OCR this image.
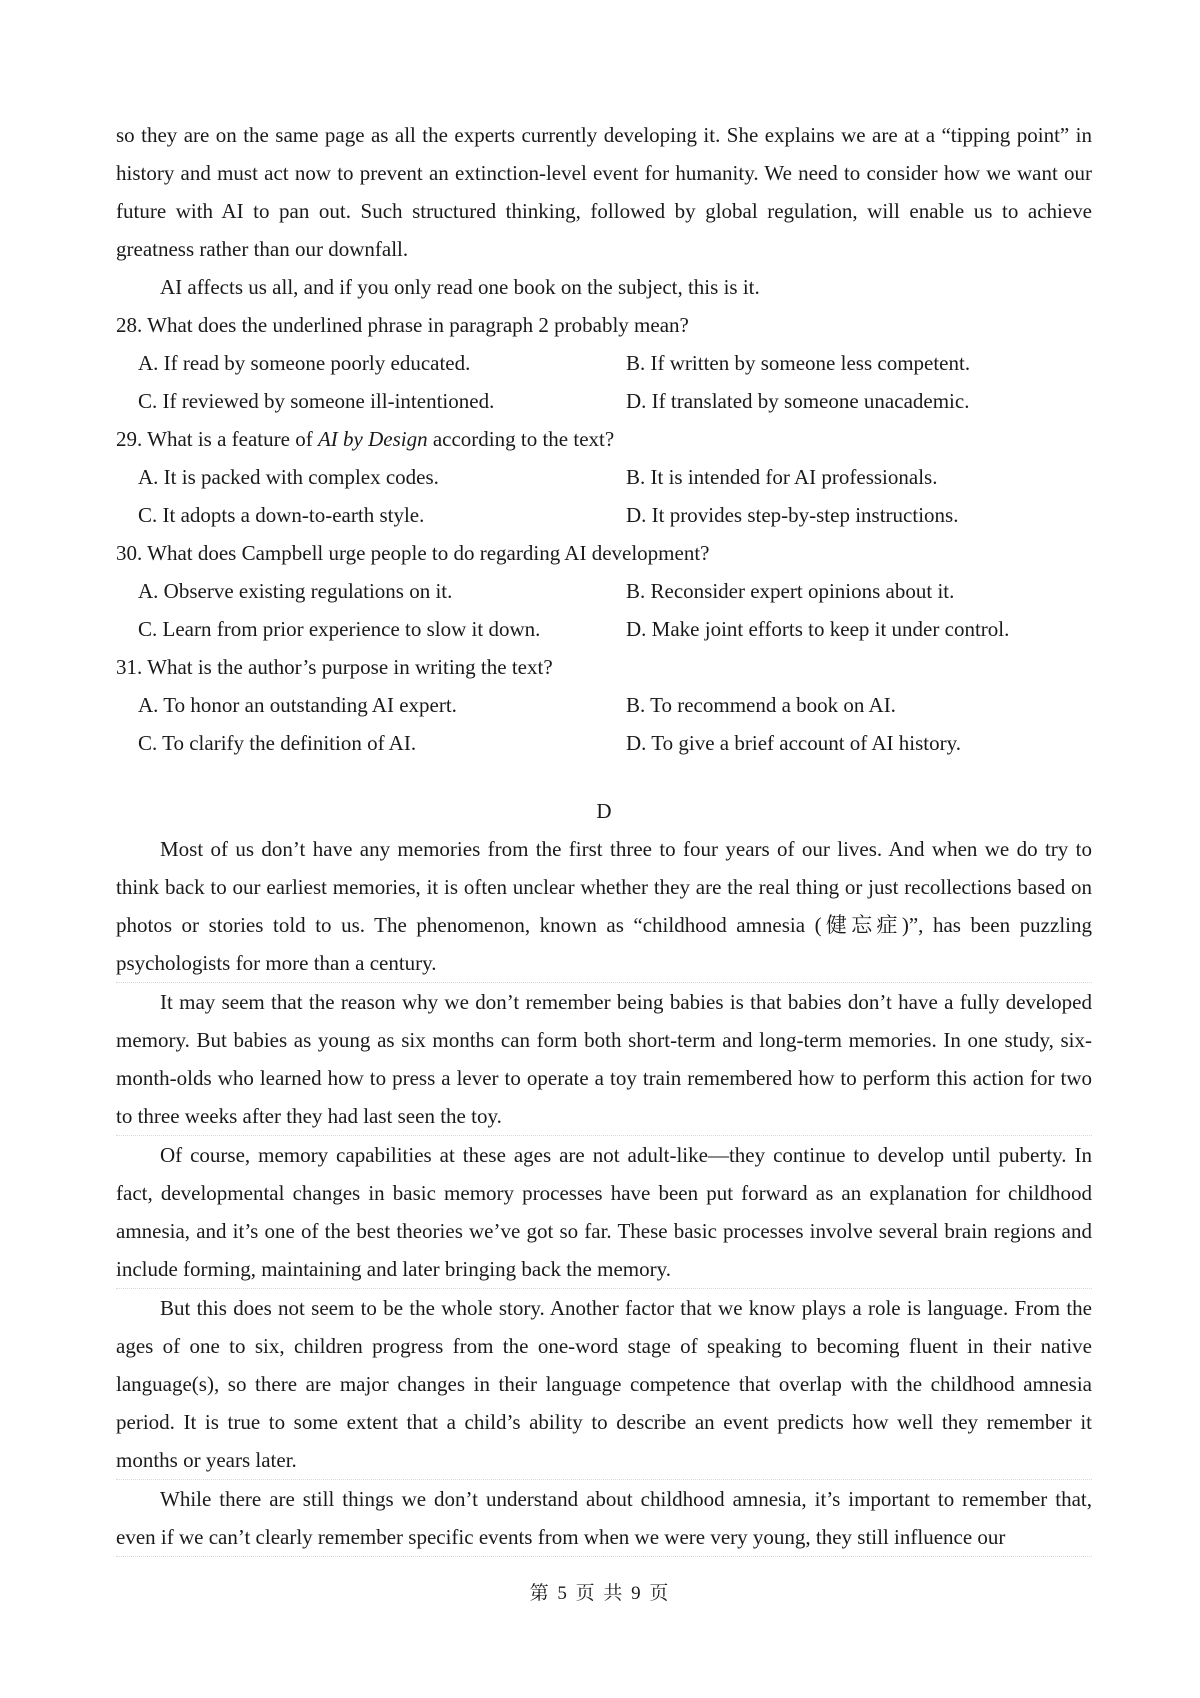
so they are on the same page as all the experts currently developing it. She explains we are at a “tipping point” in history and must act now to prevent an extinction-level event for humanity. We need to consider how we want our future with AI to pan out. Such structured thinking, followed by global regulation, will enable us to achieve greatness rather than our downfall.

AI affects us all, and if you only read one book on the subject, this is it.

28. What does the underlined phrase in paragraph 2 probably mean?

A. If read by someone poorly educated.	B. If written by someone less competent.
C. If reviewed by someone ill-intentioned.	D. If translated by someone unacademic.

29. What is a feature of AI by Design according to the text?

A. It is packed with complex codes.	B. It is intended for AI professionals.
C. It adopts a down-to-earth style.	D. It provides step-by-step instructions.

30. What does Campbell urge people to do regarding AI development?

A. Observe existing regulations on it.	B. Reconsider expert opinions about it.
C. Learn from prior experience to slow it down.	D. Make joint efforts to keep it under control.

31. What is the author’s purpose in writing the text?

A. To honor an outstanding AI expert.	B. To recommend a book on AI.
C. To clarify the definition of AI.	D. To give a brief account of AI history.

D

Most of us don’t have any memories from the first three to four years of our lives. And when we do try to think back to our earliest memories, it is often unclear whether they are the real thing or just recollections based on photos or stories told to us. The phenomenon, known as “childhood amnesia (健忘症)”, has been puzzling psychologists for more than a century.

It may seem that the reason why we don’t remember being babies is that babies don’t have a fully developed memory. But babies as young as six months can form both short-term and long-term memories. In one study, six-month-olds who learned how to press a lever to operate a toy train remembered how to perform this action for two to three weeks after they had last seen the toy.

Of course, memory capabilities at these ages are not adult-like—they continue to develop until puberty. In fact, developmental changes in basic memory processes have been put forward as an explanation for childhood amnesia, and it’s one of the best theories we’ve got so far. These basic processes involve several brain regions and include forming, maintaining and later bringing back the memory.

But this does not seem to be the whole story. Another factor that we know plays a role is language. From the ages of one to six, children progress from the one-word stage of speaking to becoming fluent in their native language(s), so there are major changes in their language competence that overlap with the childhood amnesia period. It is true to some extent that a child’s ability to describe an event predicts how well they remember it months or years later.

While there are still things we don’t understand about childhood amnesia, it’s important to remember that, even if we can’t clearly remember specific events from when we were very young, they still influence our

第 5 页 共 9 页
